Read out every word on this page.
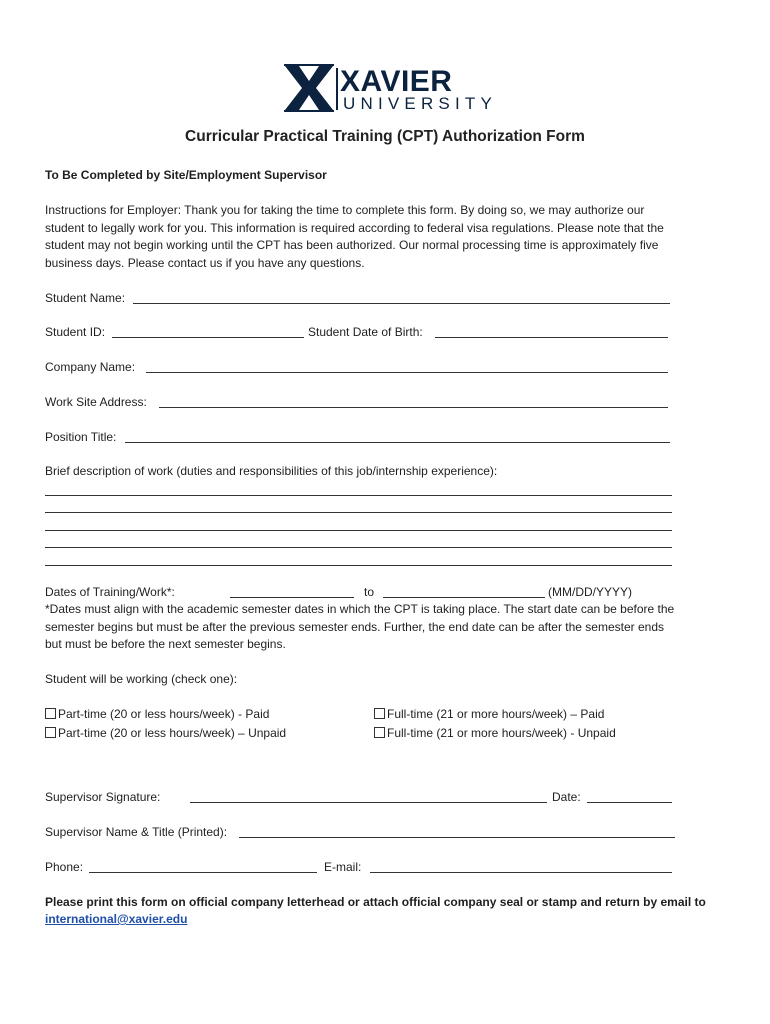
XAVIER
UNIVERSITY
Curricular Practical Training (CPT) Authorization Form
To Be Completed by Site/Employment Supervisor
Instructions for Employer: Thank you for taking the time to complete this form. By doing so, we may authorize our
student to legally work for you. This information is required according to federal visa regulations. Please note that the
student may not begin working until the CPT has been authorized. Our normal processing time is approximately five
business days. Please contact us if you have any questions.
Student Name:
Student ID:	Student Date of Birth:
Company Name:
Work Site Address:
Position Title:
Brief description of work (duties and responsibilities of this job/internship experience):
Dates of Training/Work*:	to	(MM/DD/YYYY)
*Dates must align with the academic semester dates in which the CPT is taking place. The start date can be before the
semester begins but must be after the previous semester ends. Further, the end date can be after the semester ends
but must be before the next semester begins.
Student will be working (check one):
Part-time (20 or less hours/week) - Paid
Part-time (20 or less hours/week) – Unpaid
Full-time (21 or more hours/week) – Paid
Full-time (21 or more hours/week) - Unpaid
Supervisor Signature:	Date:
Supervisor Name & Title (Printed):
Phone:	E-mail:
Please print this form on official company letterhead or attach official company seal or stamp and return by email to
international@xavier.edu
